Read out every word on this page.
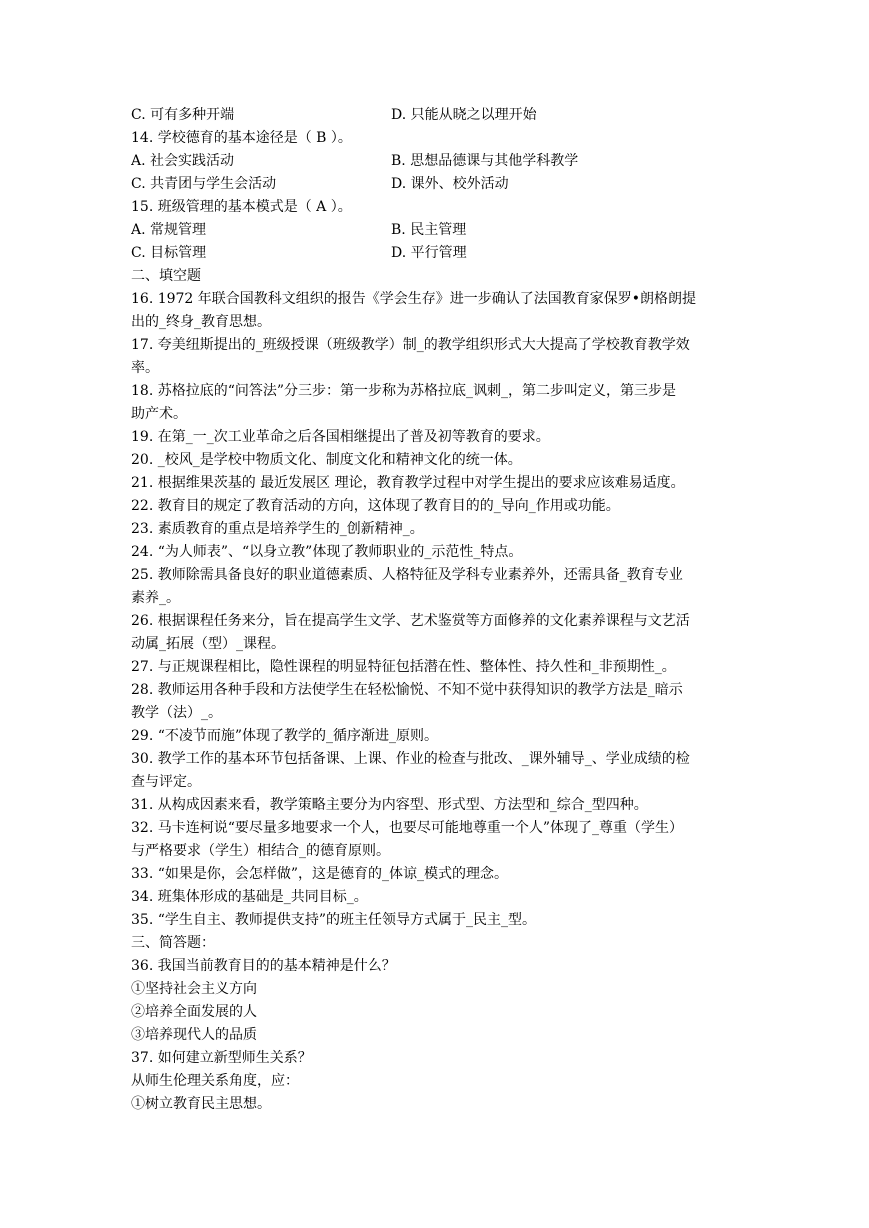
C. 可有多种开端	D. 只能从晓之以理开始
14. 学校德育的基本途径是（ B ）。
A. 社会实践活动	B. 思想品德课与其他学科教学
C. 共青团与学生会活动	D. 课外、校外活动
15. 班级管理的基本模式是（ A ）。
A. 常规管理	B. 民主管理
C. 目标管理	D. 平行管理
二、填空题
16. 1972 年联合国教科文组织的报告《学会生存》进一步确认了法国教育家保罗•朗格朗提
出的_终身_教育思想。
17. 夸美纽斯提出的_班级授课（班级教学）制_的教学组织形式大大提高了学校教育教学效
率。
18. 苏格拉底的“问答法”分三步：第一步称为苏格拉底_讽刺_，第二步叫定义，第三步是
助产术。
19. 在第_一_次工业革命之后各国相继提出了普及初等教育的要求。
20. _校风_是学校中物质文化、制度文化和精神文化的统一体。
21. 根据维果茨基的 最近发展区 理论，教育教学过程中对学生提出的要求应该难易适度。
22. 教育目的规定了教育活动的方向，这体现了教育目的的_导向_作用或功能。
23. 素质教育的重点是培养学生的_创新精神_。
24. “为人师表”、“以身立教”体现了教师职业的_示范性_特点。
25. 教师除需具备良好的职业道德素质、人格特征及学科专业素养外，还需具备_教育专业
素养_。
26. 根据课程任务来分，旨在提高学生文学、艺术鉴赏等方面修养的文化素养课程与文艺活
动属_拓展（型）_课程。
27. 与正规课程相比，隐性课程的明显特征包括潜在性、整体性、持久性和_非预期性_。
28. 教师运用各种手段和方法使学生在轻松愉悦、不知不觉中获得知识的教学方法是_暗示
教学（法）_。
29. “不凌节而施”体现了教学的_循序渐进_原则。
30. 教学工作的基本环节包括备课、上课、作业的检查与批改、_课外辅导_、学业成绩的检
查与评定。
31. 从构成因素来看，教学策略主要分为内容型、形式型、方法型和_综合_型四种。
32. 马卡连柯说“要尽量多地要求一个人，也要尽可能地尊重一个人”体现了_尊重（学生）
与严格要求（学生）相结合_的德育原则。
33. “如果是你，会怎样做”，这是德育的_体谅_模式的理念。
34. 班集体形成的基础是_共同目标_。
35. “学生自主、教师提供支持”的班主任领导方式属于_民主_型。
三、简答题：
36. 我国当前教育目的的基本精神是什么？
①坚持社会主义方向
②培养全面发展的人
③培养现代人的品质
37. 如何建立新型师生关系？
从师生伦理关系角度，应：
①树立教育民主思想。
